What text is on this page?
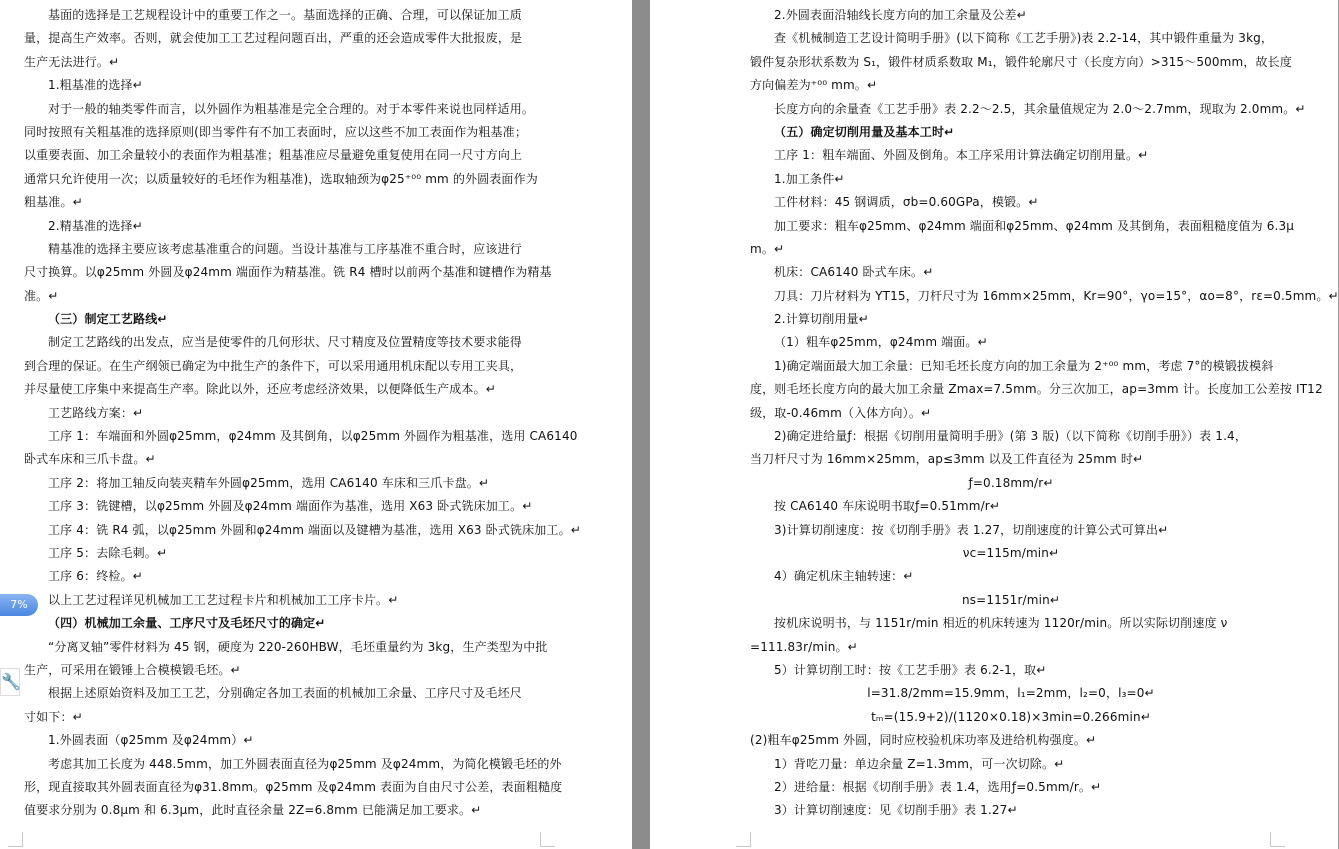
基面的选择是工艺规程设计中的重要工作之一。基面选择的正确、合理，可以保证加工质
量，提高生产效率。否则，就会使加工工艺过程问题百出，严重的还会造成零件大批报废，是
生产无法进行。↵
1.粗基准的选择↵
对于一般的轴类零件而言，以外圆作为粗基准是完全合理的。对于本零件来说也同样适用。
同时按照有关粗基准的选择原则(即当零件有不加工表面时，应以这些不加工表面作为粗基准；
以重要表面、加工余量较小的表面作为粗基准；粗基准应尽量避免重复使用在同一尺寸方向上
通常只允许使用一次；以质量较好的毛坯作为粗基准)，选取轴颈为φ25⁺⁰⁰ mm 的外圆表面作为
粗基准。↵
2.精基准的选择↵
精基准的选择主要应该考虑基准重合的问题。当设计基准与工序基准不重合时，应该进行
尺寸换算。以φ25mm 外圆及φ24mm 端面作为精基准。铣 R4 槽时以前两个基准和键槽作为精基
准。↵
（三）制定工艺路线↵
制定工艺路线的出发点，应当是使零件的几何形状、尺寸精度及位置精度等技术要求能得
到合理的保证。在生产纲领已确定为中批生产的条件下，可以采用通用机床配以专用工夹具，
并尽量使工序集中来提高生产率。除此以外，还应考虑经济效果，以便降低生产成本。↵
工艺路线方案：↵
工序 1：车端面和外圆φ25mm，φ24mm 及其倒角，以φ25mm 外圆作为粗基准，选用 CA6140
卧式车床和三爪卡盘。↵
工序 2：将加工轴反向装夹精车外圆φ25mm，选用 CA6140 车床和三爪卡盘。↵
工序 3：铣键槽，以φ25mm 外圆及φ24mm 端面作为基准，选用 X63 卧式铣床加工。↵
工序 4：铣 R4 弧，以φ25mm 外圆和φ24mm 端面以及键槽为基准，选用 X63 卧式铣床加工。↵
工序 5：去除毛刺。↵
工序 6：终检。↵
以上工艺过程详见机械加工工艺过程卡片和机械加工工序卡片。↵
（四）机械加工余量、工序尺寸及毛坯尺寸的确定↵
“分离叉轴”零件材料为 45 钢，硬度为 220-260HBW，毛坯重量约为 3kg，生产类型为中批
生产，可采用在锻锤上合模模锻毛坯。↵
根据上述原始资料及加工工艺，分别确定各加工表面的机械加工余量、工序尺寸及毛坯尺
寸如下：↵
1.外圆表面（φ25mm 及φ24mm）↵
考虑其加工长度为 448.5mm，加工外圆表面直径为φ25mm 及φ24mm，为简化模锻毛坯的外
形，现直接取其外圆表面直径为φ31.8mm。φ25mm 及φ24mm 表面为自由尺寸公差，表面粗糙度
值要求分别为 0.8μm 和 6.3μm，此时直径余量 2Z=6.8mm 已能满足加工要求。↵
2.外圆表面沿轴线长度方向的加工余量及公差↵
查《机械制造工艺设计简明手册》(以下简称《工艺手册》)表 2.2-14，其中锻件重量为 3kg，
锻件复杂形状系数为 S₁，锻件材质系数取 M₁，锻件轮廓尺寸（长度方向）>315～500mm，故长度
方向偏差为⁺⁰⁰ mm。↵
长度方向的余量查《工艺手册》表 2.2～2.5，其余量值规定为 2.0～2.7mm，现取为 2.0mm。↵
（五）确定切削用量及基本工时↵
工序 1：粗车端面、外圆及倒角。本工序采用计算法确定切削用量。↵
1.加工条件↵
工件材料：45 钢调质，σb=0.60GPa，模锻。↵
加工要求：粗车φ25mm、φ24mm 端面和φ25mm、φ24mm 及其倒角，表面粗糙度值为 6.3μ
m。↵
机床：CA6140 卧式车床。↵
刀具：刀片材料为 YT15，刀杆尺寸为 16mm×25mm，Kr=90°，γo=15°，αo=8°，rε=0.5mm。↵
2.计算切削用量↵
（1）粗车φ25mm，φ24mm 端面。↵
1)确定端面最大加工余量：已知毛坯长度方向的加工余量为 2⁺⁰⁰ mm，考虑 7°的模锻拔模斜
度，则毛坯长度方向的最大加工余量 Zmax=7.5mm。分三次加工，ap=3mm 计。长度加工公差按 IT12
级，取-0.46mm（入体方向）。↵
2)确定进给量ƒ：根据《切削用量简明手册》(第 3 版)（以下简称《切削手册》）表 1.4，
当刀杆尺寸为 16mm×25mm，ap≤3mm 以及工件直径为 25mm 时↵
ƒ=0.18mm/r↵
按 CA6140 车床说明书取ƒ=0.51mm/r↵
3)计算切削速度：按《切削手册》表 1.27，切削速度的计算公式可算出↵
νc=115m/min↵
4）确定机床主轴转速：↵
ns=1151r/min↵
按机床说明书，与 1151r/min 相近的机床转速为 1120r/min。所以实际切削速度 ν
=111.83r/min。↵
5）计算切削工时：按《工艺手册》表 6.2-1，取↵
l=31.8/2mm=15.9mm，l₁=2mm，l₂=0，l₃=0↵
tₘ=(15.9+2)/(1120×0.18)×3min=0.266min↵
(2)粗车φ25mm 外圆，同时应校验机床功率及进给机构强度。↵
1）背吃刀量：单边余量 Z=1.3mm，可一次切除。↵
2）进给量：根据《切削手册》表 1.4，选用ƒ=0.5mm/r。↵
3）计算切削速度：见《切削手册》表 1.27↵
7%
🔧
